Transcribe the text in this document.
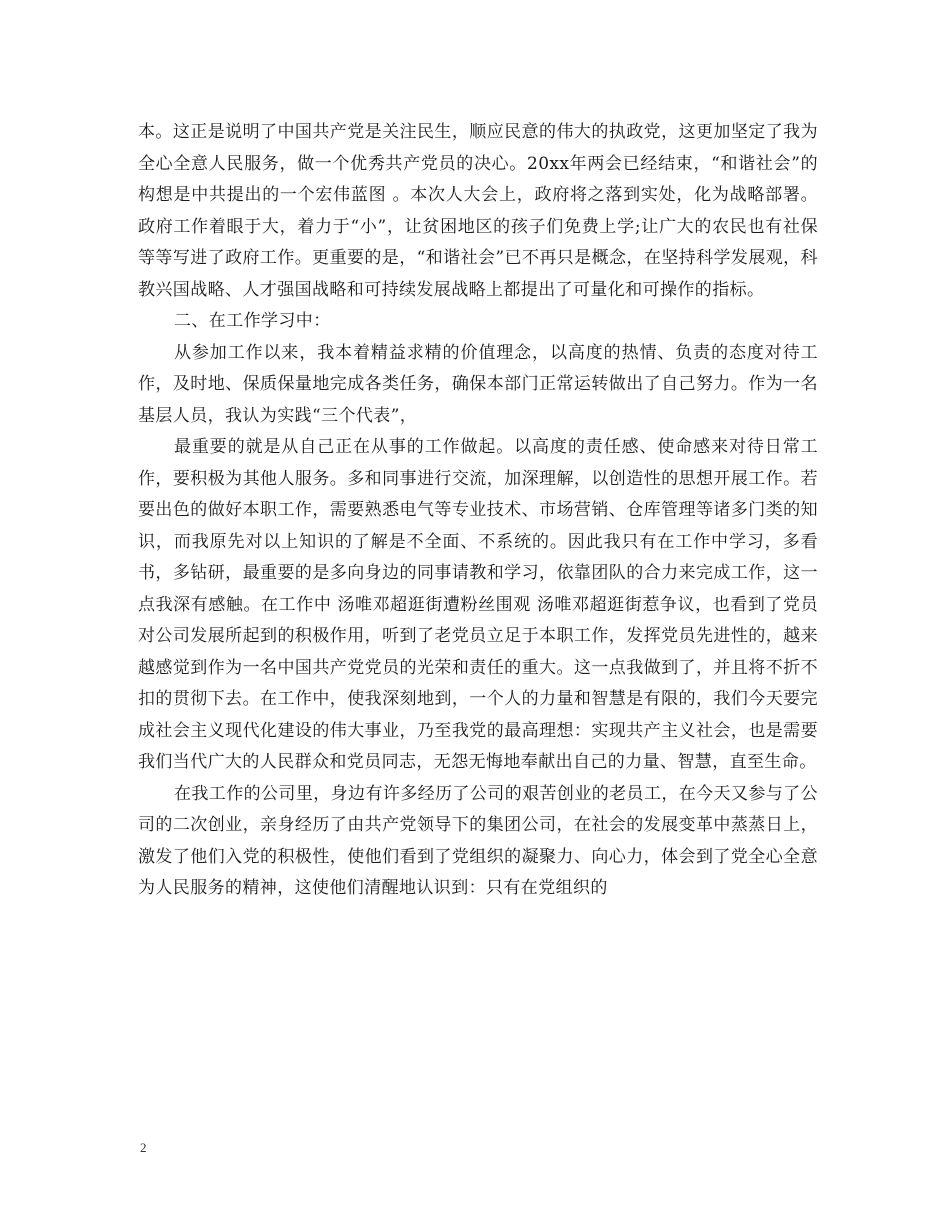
本。这正是说明了中国共产党是关注民生，顺应民意的伟大的执政党，这更加坚定了我为全心全意人民服务，做一个优秀共产党员的决心。20xx年两会已经结束，“和谐社会”的构想是中共提出的一个宏伟蓝图 。本次人大会上，政府将之落到实处，化为战略部署。政府工作着眼于大，着力于“小”，让贫困地区的孩子们免费上学;让广大的农民也有社保等等写进了政府工作。更重要的是，“和谐社会”已不再只是概念，在坚持科学发展观，科教兴国战略、人才强国战略和可持续发展战略上都提出了可量化和可操作的指标。

二、在工作学习中：

从参加工作以来，我本着精益求精的价值理念，以高度的热情、负责的态度对待工作，及时地、保质保量地完成各类任务，确保本部门正常运转做出了自己努力。作为一名基层人员，我认为实践“三个代表”，

最重要的就是从自己正在从事的工作做起。以高度的责任感、使命感来对待日常工作，要积极为其他人服务。多和同事进行交流，加深理解，以创造性的思想开展工作。若要出色的做好本职工作，需要熟悉电气等专业技术、市场营销、仓库管理等诸多门类的知识，而我原先对以上知识的了解是不全面、不系统的。因此我只有在工作中学习，多看书，多钻研，最重要的是多向身边的同事请教和学习，依靠团队的合力来完成工作，这一点我深有感触。在工作中 汤唯邓超逛街遭粉丝围观 汤唯邓超逛街惹争议，也看到了党员对公司发展所起到的积极作用，听到了老党员立足于本职工作，发挥党员先进性的，越来越感觉到作为一名中国共产党党员的光荣和责任的重大。这一点我做到了，并且将不折不扣的贯彻下去。在工作中，使我深刻地到，一个人的力量和智慧是有限的，我们今天要完成社会主义现代化建设的伟大事业，乃至我党的最高理想：实现共产主义社会，也是需要我们当代广大的人民群众和党员同志，无怨无悔地奉献出自己的力量、智慧，直至生命。

在我工作的公司里，身边有许多经历了公司的艰苦创业的老员工，在今天又参与了公司的二次创业，亲身经历了由共产党领导下的集团公司，在社会的发展变革中蒸蒸日上，激发了他们入党的积极性，使他们看到了党组织的凝聚力、向心力，体会到了党全心全意为人民服务的精神，这使他们清醒地认识到：只有在党组织的

2
